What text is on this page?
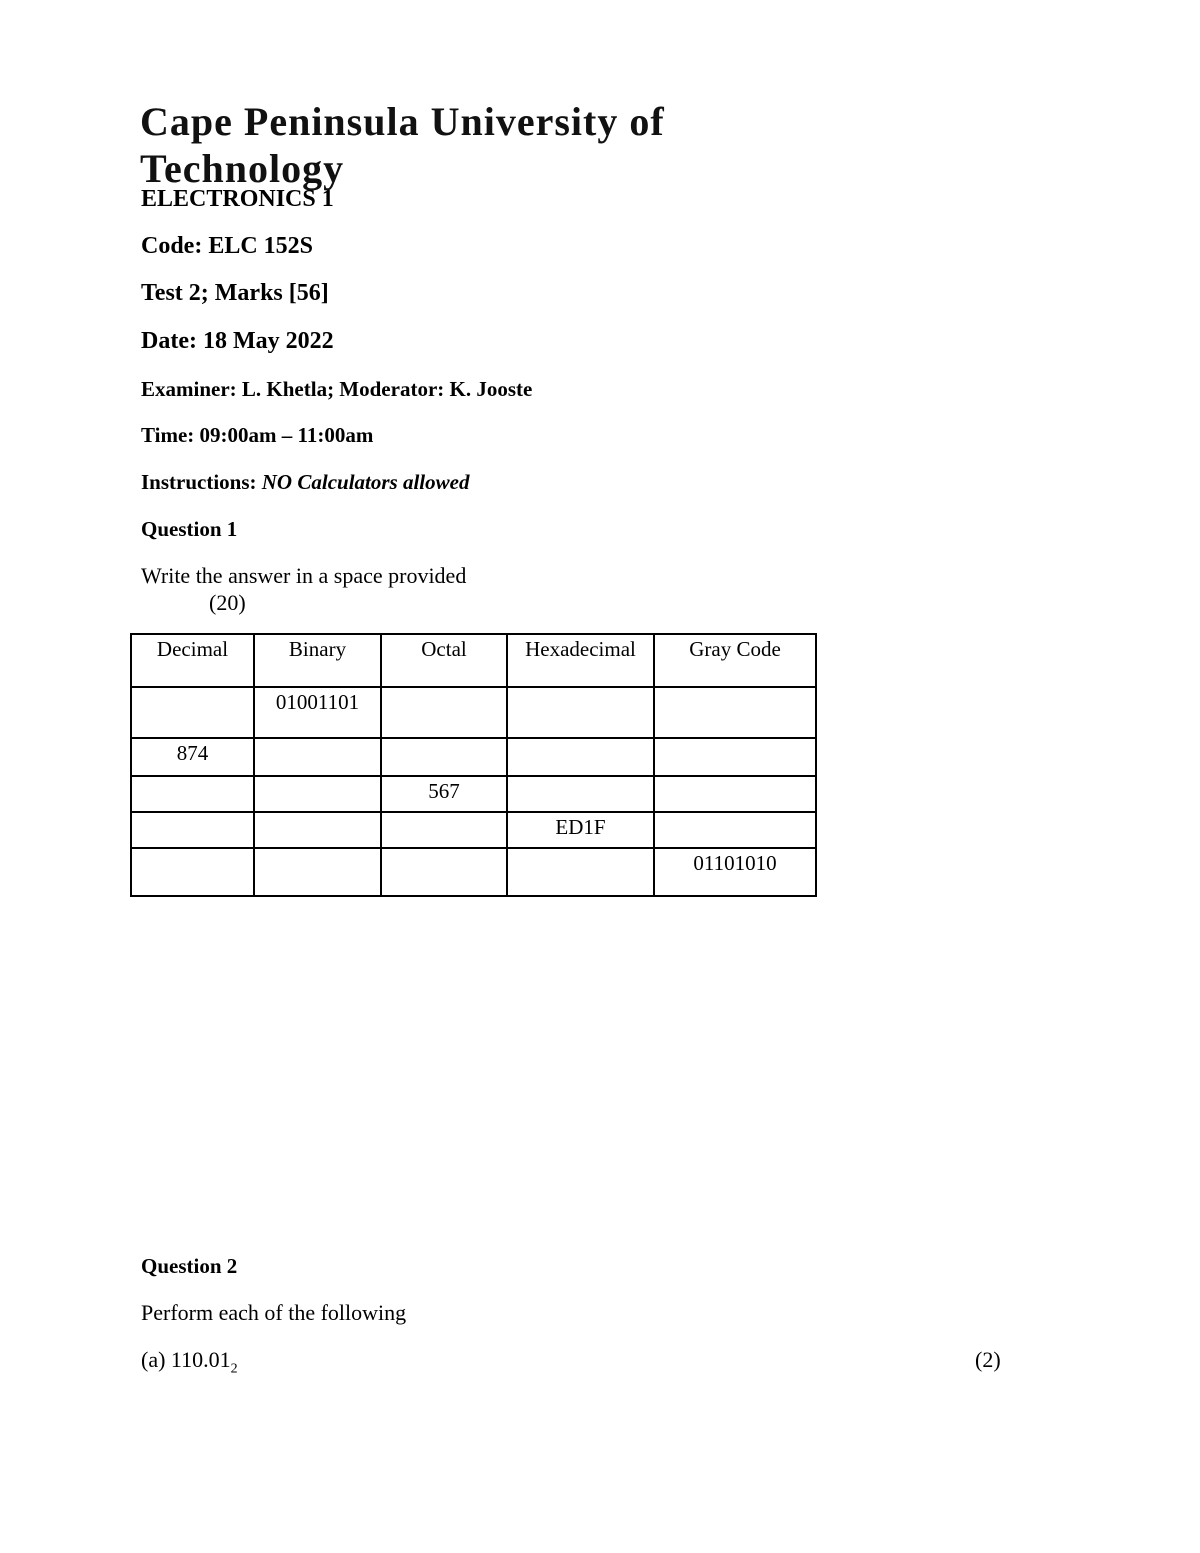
Cape Peninsula University of Technology
ELECTRONICS 1
Code: ELC 152S
Test 2; Marks [56]
Date: 18 May 2022
Examiner: L. Khetla; Moderator: K. Jooste
Time: 09:00am – 11:00am
Instructions: NO Calculators allowed
Question 1
Write the answer in a space provided
(20)
Decimal	Binary	Octal	Hexadecimal	Gray Code
	01001101			
874				
		567		
			ED1F	
				01101010
Question 2
Perform each of the following
(a) $110.01_2$	(2)
